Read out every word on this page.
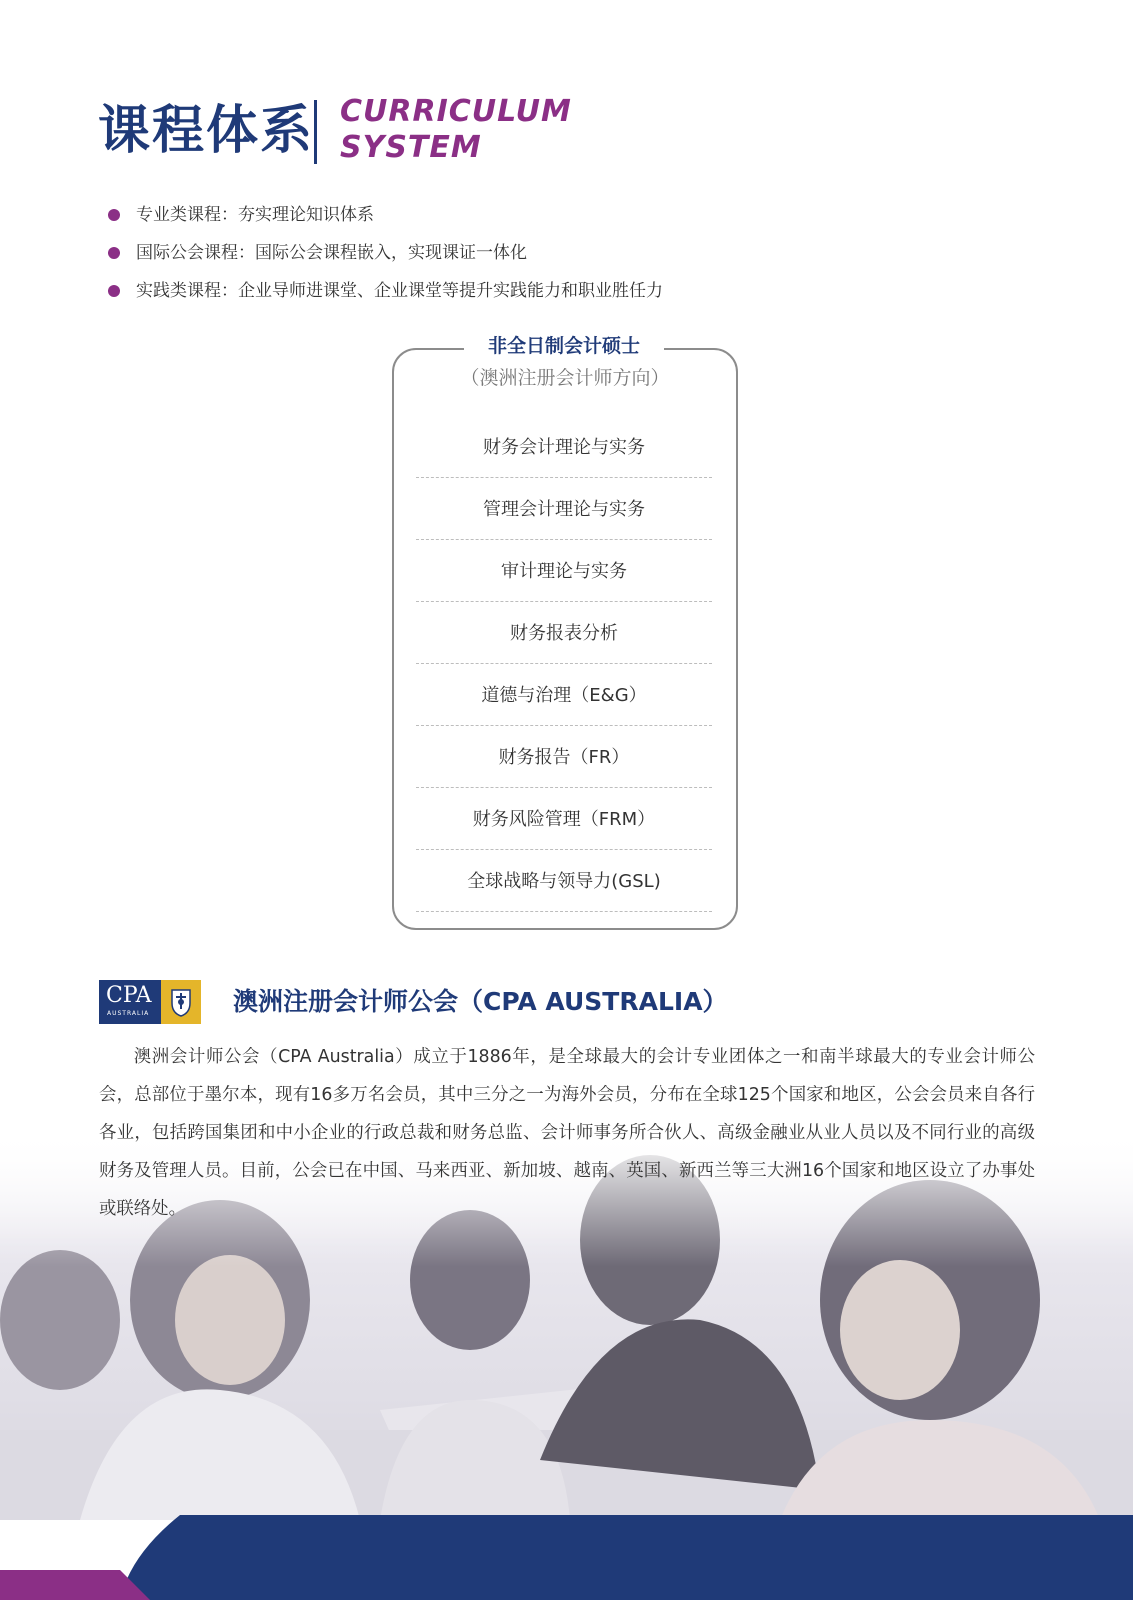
课程体系 CURRICULUM
SYSTEM
专业类课程：夯实理论知识体系
国际公会课程：国际公会课程嵌入，实现课证一体化
实践类课程：企业导师进课堂、企业课堂等提升实践能力和职业胜任力
非全日制会计硕士
（澳洲注册会计师方向）
财务会计理论与实务
管理会计理论与实务
审计理论与实务
财务报表分析
道德与治理（E&G）
财务报告（FR）
财务风险管理（FRM）
全球战略与领导力(GSL)
CPA
AUSTRALIA	澳洲注册会计师公会（CPA AUSTRALIA）
澳洲会计师公会（CPA Australia）成立于1886年，是全球最大的会计专业团体之一和南半球最大的专业会计师公会，总部位于墨尔本，现有16多万名会员，其中三分之一为海外会员，分布在全球125个国家和地区，公会会员来自各行各业，包括跨国集团和中小企业的行政总裁和财务总监、会计师事务所合伙人、高级金融业从业人员以及不同行业的高级财务及管理人员。目前，公会已在中国、马来西亚、新加坡、越南、英国、新西兰等三大洲16个国家和地区设立了办事处或联络处。
